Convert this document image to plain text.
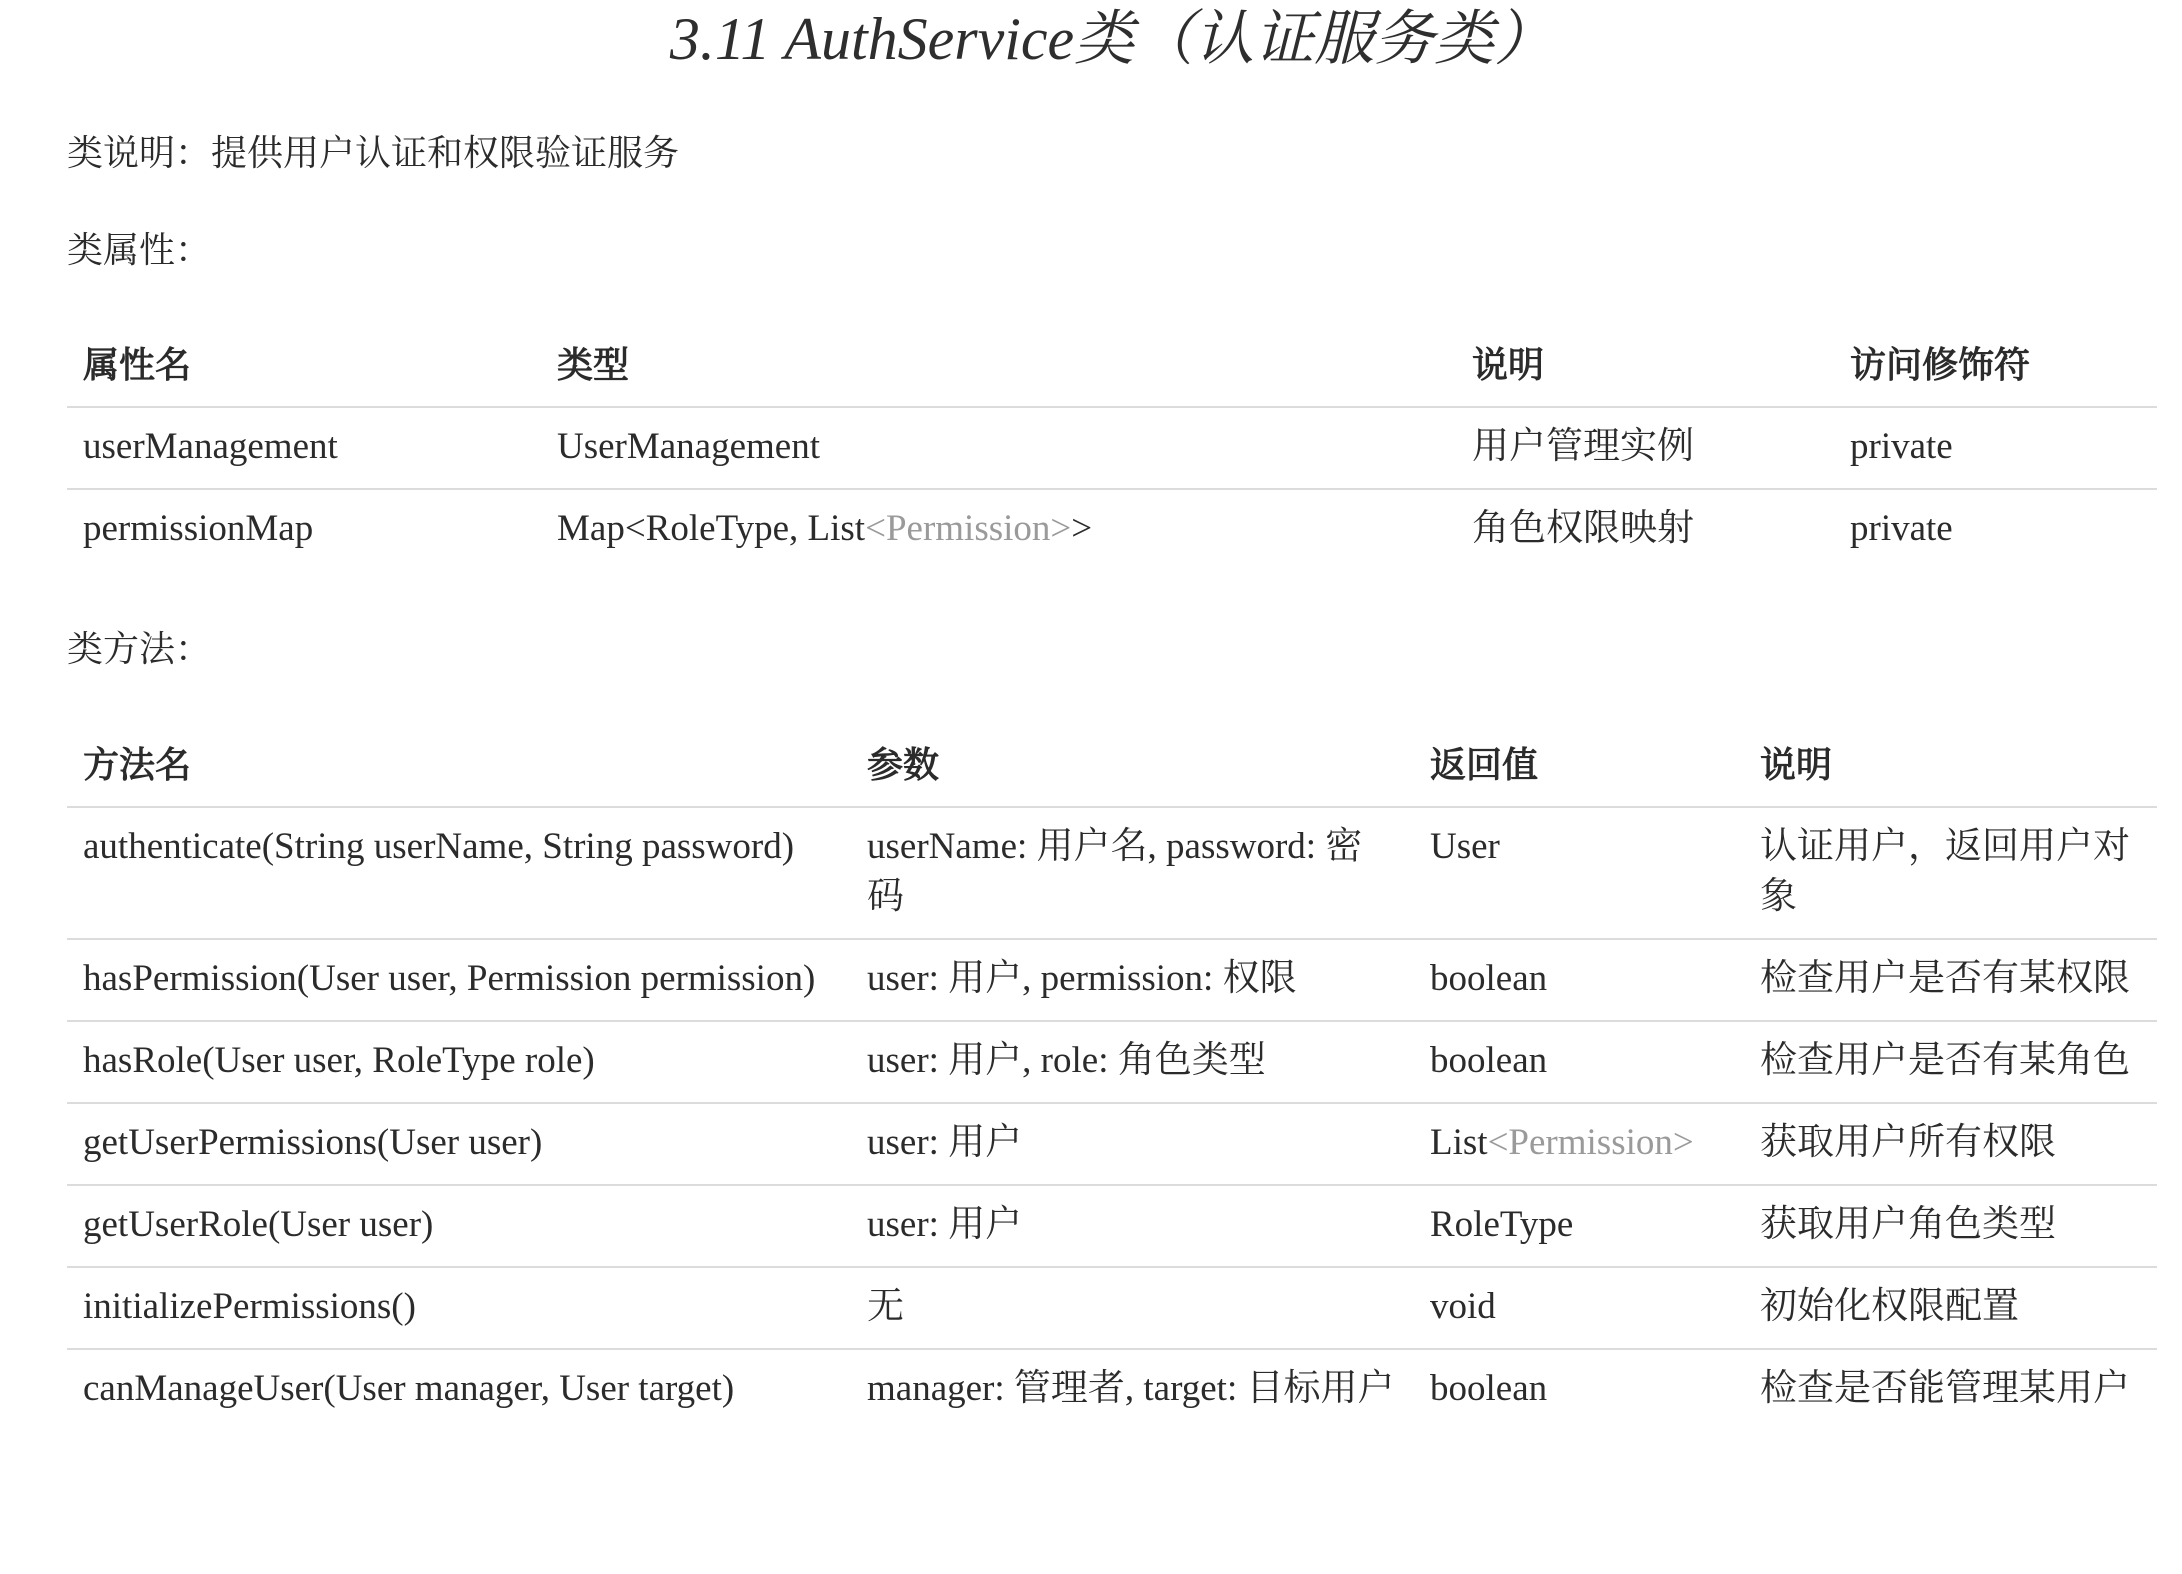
3.11 AuthService类（认证服务类）

类说明：提供用户认证和权限验证服务

类属性：

属性名	类型	说明	访问修饰符
userManagement	UserManagement	用户管理实例	private
permissionMap	Map<RoleType, List<Permission>>	角色权限映射	private

类方法：

方法名	参数	返回值	说明
authenticate(String userName, String password)	userName: 用户名, password: 密码	User	认证用户，返回用户对象
hasPermission(User user, Permission permission)	user: 用户, permission: 权限	boolean	检查用户是否有某权限
hasRole(User user, RoleType role)	user: 用户, role: 角色类型	boolean	检查用户是否有某角色
getUserPermissions(User user)	user: 用户	List<Permission>	获取用户所有权限
getUserRole(User user)	user: 用户	RoleType	获取用户角色类型
initializePermissions()	无	void	初始化权限配置
canManageUser(User manager, User target)	manager: 管理者, target: 目标用户	boolean	检查是否能管理某用户
